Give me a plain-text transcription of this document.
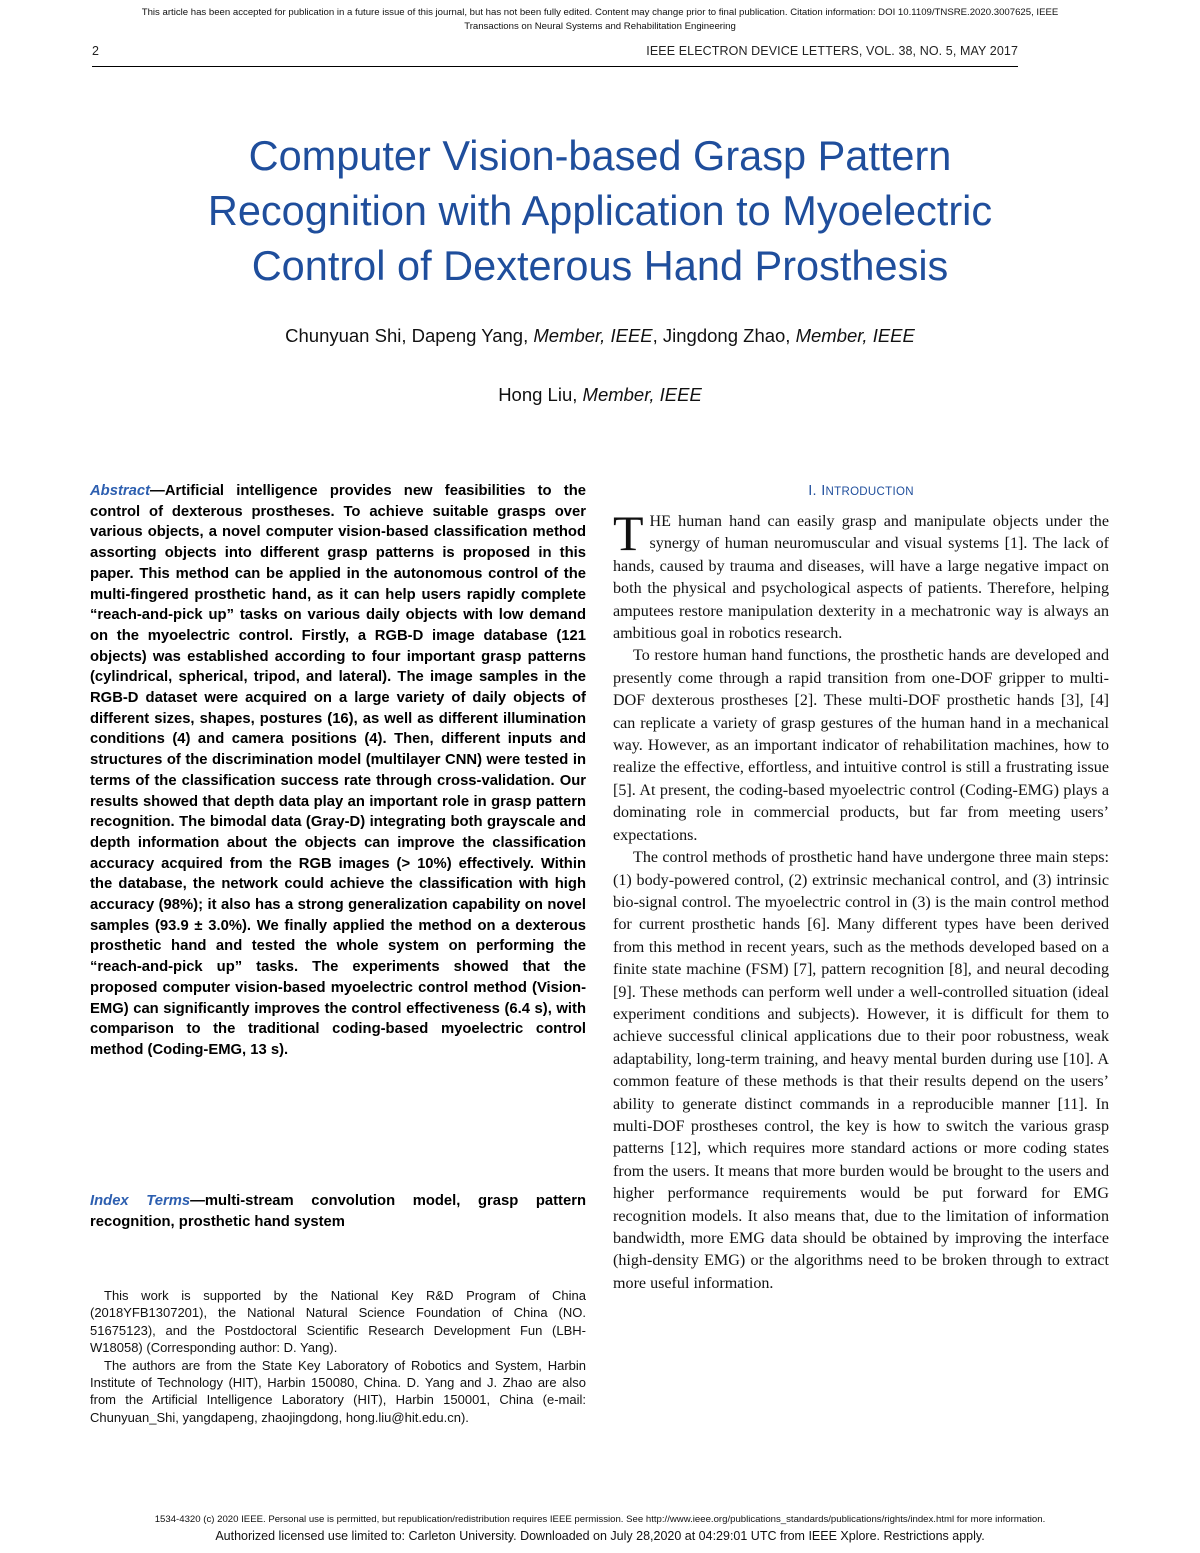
This article has been accepted for publication in a future issue of this journal, but has not been fully edited. Content may change prior to final publication. Citation information: DOI 10.1109/TNSRE.2020.3007625, IEEE
Transactions on Neural Systems and Rehabilitation Engineering
2	IEEE ELECTRON DEVICE LETTERS, VOL. 38, NO. 5, MAY 2017
Computer Vision-based Grasp Pattern
Recognition with Application to Myoelectric
Control of Dexterous Hand Prosthesis
Chunyuan Shi, Dapeng Yang, Member, IEEE, Jingdong Zhao, Member, IEEE
Hong Liu, Member, IEEE
Abstract—Artificial intelligence provides new feasibilities to the control of dexterous prostheses. To achieve suitable grasps over various objects, a novel computer vision-based classification method assorting objects into different grasp patterns is proposed in this paper. This method can be applied in the autonomous control of the multi-fingered prosthetic hand, as it can help users rapidly complete “reach-and-pick up” tasks on various daily objects with low demand on the myoelectric control. Firstly, a RGB-D image database (121 objects) was established according to four important grasp patterns (cylindrical, spherical, tripod, and lateral). The image samples in the RGB-D dataset were acquired on a large variety of daily objects of different sizes, shapes, postures (16), as well as different illumination conditions (4) and camera positions (4). Then, different inputs and structures of the discrimination model (multilayer CNN) were tested in terms of the classification success rate through cross-validation. Our results showed that depth data play an important role in grasp pattern recognition. The bimodal data (Gray-D) integrating both grayscale and depth information about the objects can improve the classification accuracy acquired from the RGB images (> 10%) effectively. Within the database, the network could achieve the classification with high accuracy (98%); it also has a strong generalization capability on novel samples (93.9 ± 3.0%). We finally applied the method on a dexterous prosthetic hand and tested the whole system on performing the “reach-and-pick up” tasks. The experiments showed that the proposed computer vision-based myoelectric control method (Vision-EMG) can significantly improves the control effectiveness (6.4 s), with comparison to the traditional coding-based myoelectric control method (Coding-EMG, 13 s).
Index Terms—multi-stream convolution model, grasp pattern recognition, prosthetic hand system

This work is supported by the National Key R&D Program of China (2018YFB1307201), the National Natural Science Foundation of China (NO. 51675123), and the Postdoctoral Scientific Research Development Fun (LBH-W18058) (Corresponding author: D. Yang).

The authors are from the State Key Laboratory of Robotics and System, Harbin Institute of Technology (HIT), Harbin 150080, China. D. Yang and J. Zhao are also from the Artificial Intelligence Laboratory (HIT), Harbin 150001, China (e-mail: Chunyuan_Shi, yangdapeng, zhaojingdong, hong.liu@hit.edu.cn).

I. INTRODUCTION

THE human hand can easily grasp and manipulate objects under the synergy of human neuromuscular and visual systems [1]. The lack of hands, caused by trauma and diseases, will have a large negative impact on both the physical and psychological aspects of patients. Therefore, helping amputees restore manipulation dexterity in a mechatronic way is always an ambitious goal in robotics research.

To restore human hand functions, the prosthetic hands are developed and presently come through a rapid transition from one-DOF gripper to multi-DOF dexterous prostheses [2]. These multi-DOF prosthetic hands [3], [4] can replicate a variety of grasp gestures of the human hand in a mechanical way. However, as an important indicator of rehabilitation machines, how to realize the effective, effortless, and intuitive control is still a frustrating issue [5]. At present, the coding-based myoelectric control (Coding-EMG) plays a dominating role in commercial products, but far from meeting users’ expectations.

The control methods of prosthetic hand have undergone three main steps: (1) body-powered control, (2) extrinsic mechanical control, and (3) intrinsic bio-signal control. The myoelectric control in (3) is the main control method for current prosthetic hands [6]. Many different types have been derived from this method in recent years, such as the methods developed based on a finite state machine (FSM) [7], pattern recognition [8], and neural decoding [9]. These methods can perform well under a well-controlled situation (ideal experiment conditions and subjects). However, it is difficult for them to achieve successful clinical applications due to their poor robustness, weak adaptability, long-term training, and heavy mental burden during use [10]. A common feature of these methods is that their results depend on the users’ ability to generate distinct commands in a reproducible manner [11]. In multi-DOF prostheses control, the key is how to switch the various grasp patterns [12], which requires more standard actions or more coding states from the users. It means that more burden would be brought to the users and higher performance requirements would be put forward for EMG recognition models. It also means that, due to the limitation of information bandwidth, more EMG data should be obtained by improving the interface (high-density EMG) or the algorithms need to be broken through to extract more useful information.

1534-4320 (c) 2020 IEEE. Personal use is permitted, but republication/redistribution requires IEEE permission. See http://www.ieee.org/publications_standards/publications/rights/index.html for more information.
Authorized licensed use limited to: Carleton University. Downloaded on July 28,2020 at 04:29:01 UTC from IEEE Xplore. Restrictions apply.
